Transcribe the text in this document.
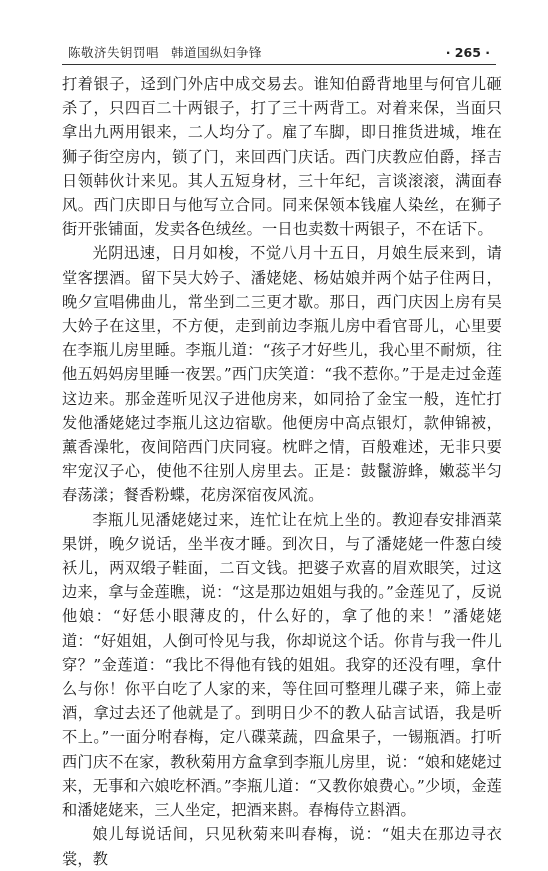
陈敬济失钥罚唱 韩道国纵妇争锋	· 265 ·

打着银子，迳到门外店中成交易去。谁知伯爵背地里与何官儿砸杀了，只四百二十两银子，打了三十两背工。对着来保，当面只拿出九两用银来，二人均分了。雇了车脚，即日推货进城，堆在狮子街空房内，锁了门，来回西门庆话。西门庆教应伯爵，择吉日领韩伙计来见。其人五短身材，三十年纪，言谈滚滚，满面春风。西门庆即日与他写立合同。同来保领本钱雇人染丝，在狮子街开张铺面，发卖各色绒丝。一日也卖数十两银子，不在话下。

光阴迅速，日月如梭，不觉八月十五日，月娘生辰来到，请堂客摆酒。留下吴大妗子、潘姥姥、杨姑娘并两个姑子住两日，晚夕宣唱佛曲儿，常坐到二三更才歇。那日，西门庆因上房有吴大妗子在这里，不方便，走到前边李瓶儿房中看官哥儿，心里要在李瓶儿房里睡。李瓶儿道：“孩子才好些儿，我心里不耐烦，往他五妈妈房里睡一夜罢。”西门庆笑道：“我不惹你。”于是走过金莲这边来。那金莲听见汉子进他房来，如同拾了金宝一般，连忙打发他潘姥姥过李瓶儿这边宿歇。他便房中高点银灯，款伸锦被，薰香澡牝，夜间陪西门庆同寝。枕畔之情，百般难述，无非只要牢宠汉子心，使他不往别人房里去。正是：鼓鬣游蜂，嫩蕊半匀春荡漾；餐香粉蝶，花房深宿夜风流。

李瓶儿见潘姥姥过来，连忙让在炕上坐的。教迎春安排酒菜果饼，晚夕说话，坐半夜才睡。到次日，与了潘姥姥一件葱白绫袄儿，两双缎子鞋面，二百文钱。把婆子欢喜的眉欢眼笑，过这边来，拿与金莲瞧，说：“这是那边姐姐与我的。”金莲见了，反说他娘：“好恁小眼薄皮的，什么好的，拿了他的来！”潘姥姥道：“好姐姐，人倒可怜见与我，你却说这个话。你肯与我一件儿穿？”金莲道：“我比不得他有钱的姐姐。我穿的还没有哩，拿什么与你！你平白吃了人家的来，等住回可整理儿碟子来，筛上壶酒，拿过去还了他就是了。到明日少不的教人砧言试语，我是听不上。”一面分咐春梅，定八碟菜蔬，四盒果子，一锡瓶酒。打听西门庆不在家，教秋菊用方盒拿到李瓶儿房里，说：“娘和姥姥过来，无事和六娘吃杯酒。”李瓶儿道：“又教你娘费心。”少顷，金莲和潘姥姥来，三人坐定，把酒来斟。春梅侍立斟酒。

娘儿每说话间，只见秋菊来叫春梅，说：“姐夫在那边寻衣裳，教
